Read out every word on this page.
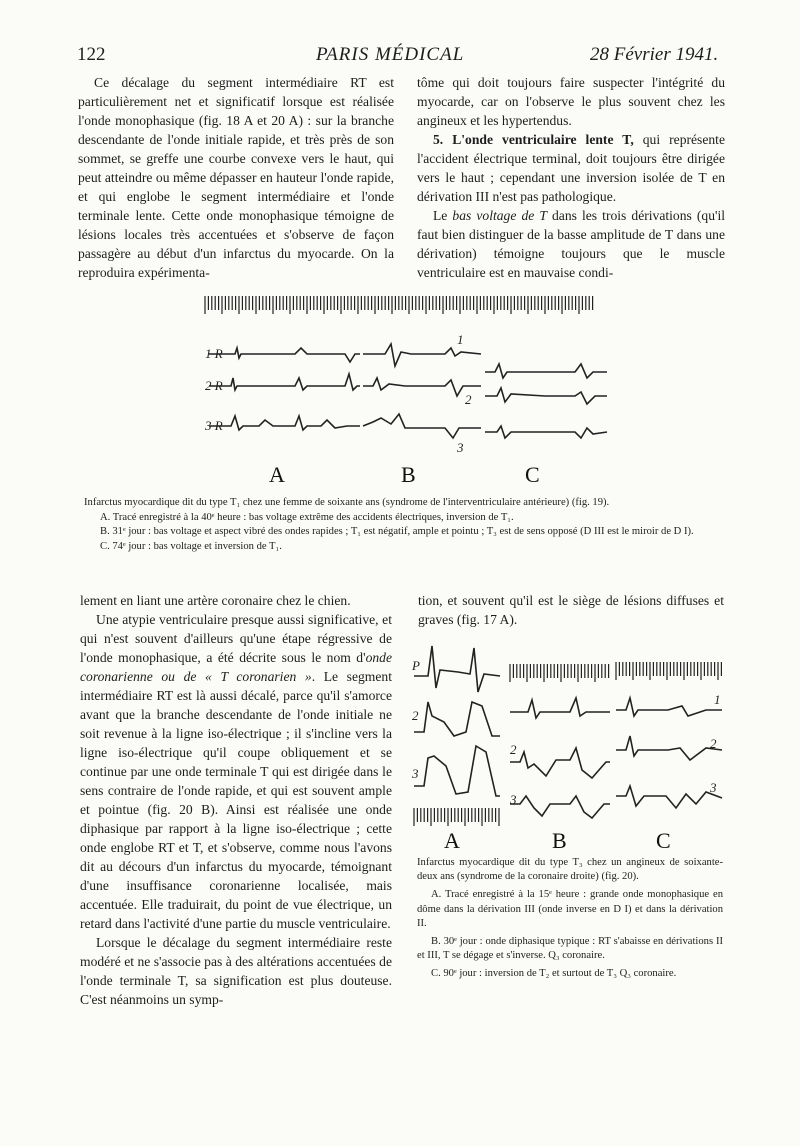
122	PARIS MÉDICAL	28 Février 1941.

Ce décalage du segment intermédiaire RT est particulièrement net et significatif lorsque est réalisée l'onde monophasique (fig. 18 A et 20 A) : sur la branche descendante de l'onde initiale rapide, et très près de son sommet, se greffe une courbe convexe vers le haut, qui peut atteindre ou même dépasser en hauteur l'onde rapide, et qui englobe le segment intermédiaire et l'onde terminale lente. Cette onde monophasique témoigne de lésions locales très accentuées et s'observe de façon passagère au début d'un infarctus du myocarde. On la reproduira expérimenta-

tôme qui doit toujours faire suspecter l'intégrité du myocarde, car on l'observe le plus souvent chez les angineux et les hypertendus.

5. L'onde ventriculaire lente T, qui représente l'accident électrique terminal, doit toujours être dirigée vers le haut ; cependant une inversion isolée de T en dérivation III n'est pas pathologique.

Le bas voltage de T dans les trois dérivations (qu'il faut bien distinguer de la basse amplitude de T dans une dérivation) témoigne toujours que le muscle ventriculaire est en mauvaise condi-

1 R
2 R
3 R
1
2
3
A	B	C

Infarctus myocardique dit du type T₁ chez une femme de soixante ans (syndrome de l'interventriculaire antérieure) (fig. 19).

A. Tracé enregistré à la 40ᵉ heure : bas voltage extrême des accidents électriques, inversion de T₁.

B. 31ᵉ jour : bas voltage et aspect vibré des ondes rapides ; T₁ est négatif, ample et pointu ; T₃ est de sens opposé (D III est le miroir de D I).

C. 74ᵉ jour : bas voltage et inversion de T₁.

lement en liant une artère coronaire chez le chien.

Une atypie ventriculaire presque aussi significative, et qui n'est souvent d'ailleurs qu'une étape régressive de l'onde monophasique, a été décrite sous le nom d'onde coronarienne ou de « T coronarien ». Le segment intermédiaire RT est là aussi décalé, parce qu'il s'amorce avant que la branche descendante de l'onde initiale ne soit revenue à la ligne iso-électrique ; il s'incline vers la ligne iso-électrique qu'il coupe obliquement et se continue par une onde terminale T qui est dirigée dans le sens contraire de l'onde rapide, et qui est souvent ample et pointue (fig. 20 B). Ainsi est réalisée une onde diphasique par rapport à la ligne iso-électrique ; cette onde englobe RT et T, et s'observe, comme nous l'avons dit au décours d'un infarctus du myocarde, témoignant d'une insuffisance coronarienne localisée, mais accentuée. Elle traduirait, du point de vue électrique, un retard dans l'activité d'une partie du muscle ventriculaire.

Lorsque le décalage du segment intermédiaire reste modéré et ne s'associe pas à des altérations accentuées de l'onde terminale T, sa signification est plus douteuse. C'est néanmoins un symp-

tion, et souvent qu'il est le siège de lésions diffuses et graves (fig. 17 A).

P
2
3
2
3
1
2
3
A	B	C

Infarctus myocardique dit du type T₃ chez un angineux de soixante-deux ans (syndrome de la coronaire droite) (fig. 20).

A. Tracé enregistré à la 15ᵉ heure : grande onde monophasique en dôme dans la dérivation III (onde inverse en D I) et dans la dérivation II.

B. 30ᵉ jour : onde diphasique typique : RT s'abaisse en dérivations II et III, T se dégage et s'inverse. Q₃ coronaire.

C. 90ᵉ jour : inversion de T₂ et surtout de T₃ Q₃ coronaire.
